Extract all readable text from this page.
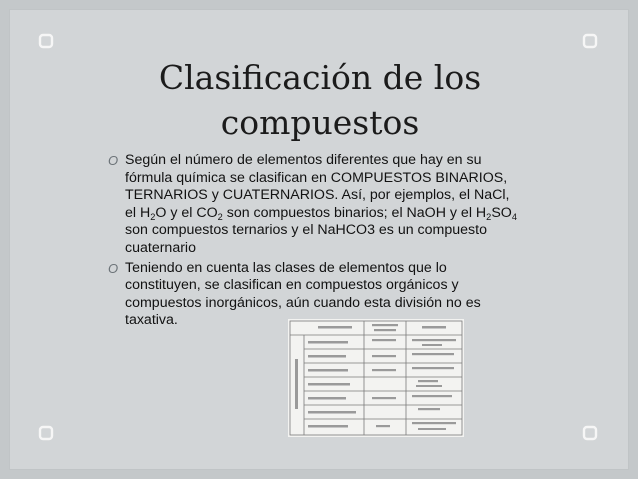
Clasificación de los
compuestos

O Según el número de elementos diferentes que hay en su fórmula química se clasifican en COMPUESTOS BINARIOS, TERNARIOS y CUATERNARIOS. Así, por ejemplos, el NaCl, el $H_2O$ y el $CO_2$ son compuestos binarios; el NaOH y el $H_2SO_4$ son compuestos ternarios y el NaHCO3 es un compuesto cuaternario

O Teniendo en cuenta las clases de elementos que lo constituyen, se clasifican en compuestos orgánicos y compuestos inorgánicos, aún cuando esta división no es taxativa.
